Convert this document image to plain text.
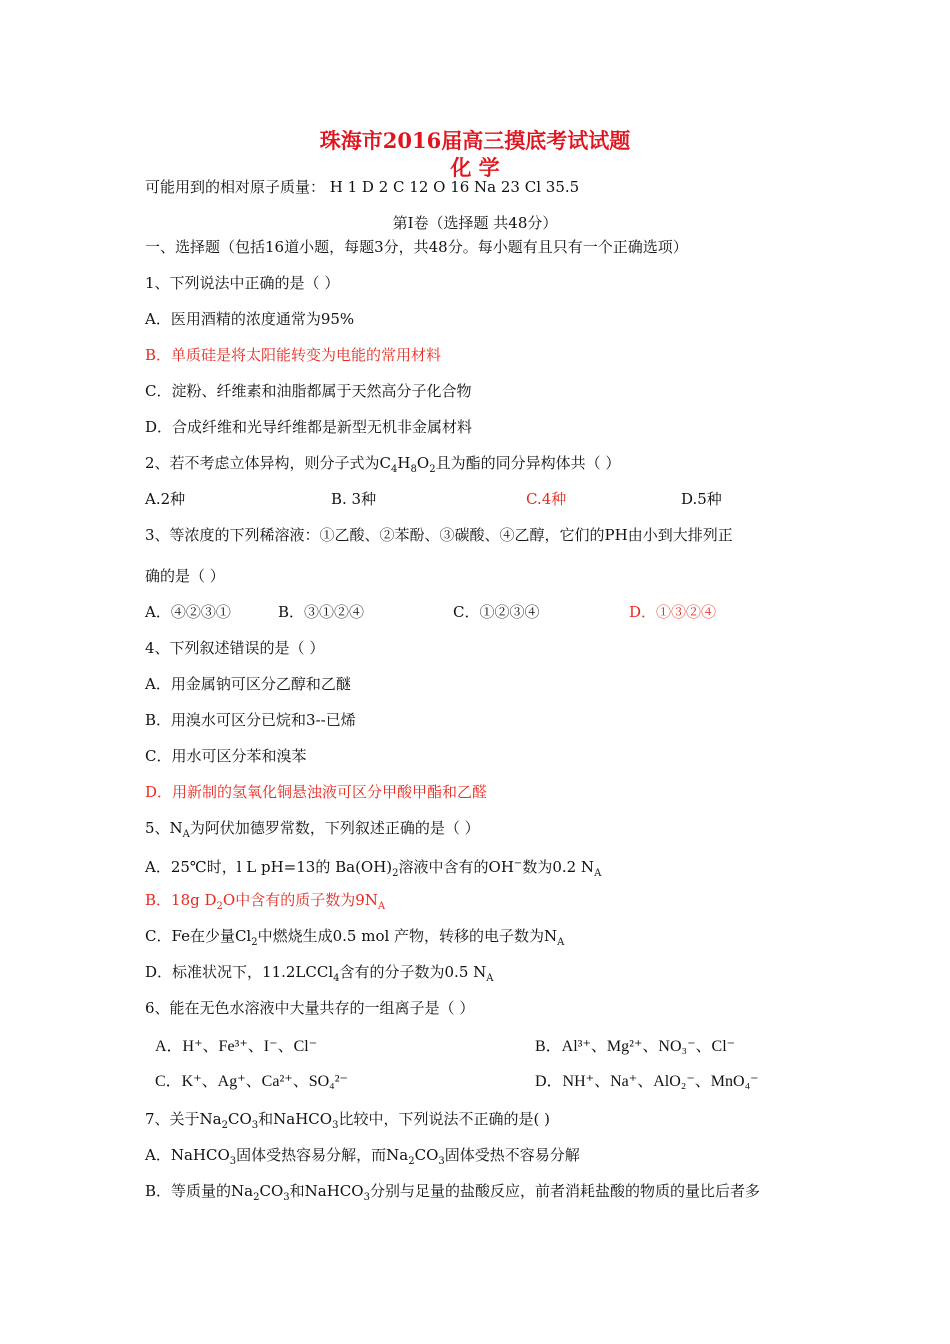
珠海市2016届高三摸底考试试题
化 学
可能用到的相对原子质量： H 1 D 2 C 12 O 16 Na 23 Cl 35.5
第Ⅰ卷（选择题 共48分）
一、选择题（包括16道小题，每题3分，共48分。每小题有且只有一个正确选项）
1、下列说法中正确的是（ ）
A．医用酒精的浓度通常为95%
B．单质硅是将太阳能转变为电能的常用材料
C．淀粉、纤维素和油脂都属于天然高分子化合物
D．合成纤维和光导纤维都是新型无机非金属材料
2、若不考虑立体异构，则分子式为$C_4H_8O_2$且为酯的同分异构体共（ ）
A.2种	B. 3种	C.4种	D.5种
3、等浓度的下列稀溶液：①乙酸、②苯酚、③碳酸、④乙醇，它们的PH由小到大排列正
确的是（ ）
A．④②③①	B．③①②④	C．①②③④	D．①③②④
4、下列叙述错误的是（ ）
A．用金属钠可区分乙醇和乙醚
B．用溴水可区分已烷和3--已烯
C．用水可区分苯和溴苯
D．用新制的氢氧化铜悬浊液可区分甲酸甲酯和乙醛
5、$N_A$为阿伏加德罗常数，下列叙述正确的是（ ）
A．25℃时，l L pH=13的 $Ba(OH)_2$溶液中含有的OH−数为0.2 $N_A$
B．18g $D_2O$中含有的质子数为$9N_A$
C．Fe在少量$Cl_2$中燃烧生成0.5 mol 产物，转移的电子数为$N_A$
D．标准状况下，11.2LCCl$_4$含有的分子数为0.5 $N_A$
6、能在无色水溶液中大量共存的一组离子是（ ）
A．H⁺、Fe³⁺、I⁻、Cl⁻	B．Al³⁺、Mg²⁺、NO₃⁻、Cl⁻
C．K⁺、Ag⁺、Ca²⁺、SO₄²⁻	D．NH⁺、Na⁺、AlO₂⁻、MnO₄⁻
7、关于$Na_2CO_3$和NaHCO$_3$比较中，下列说法不正确的是( )
A．NaHCO$_3$固体受热容易分解，而$Na_2CO_3$固体受热不容易分解
B．等质量的$Na_2CO_3$和NaHCO$_3$分别与足量的盐酸反应，前者消耗盐酸的物质的量比后者多
